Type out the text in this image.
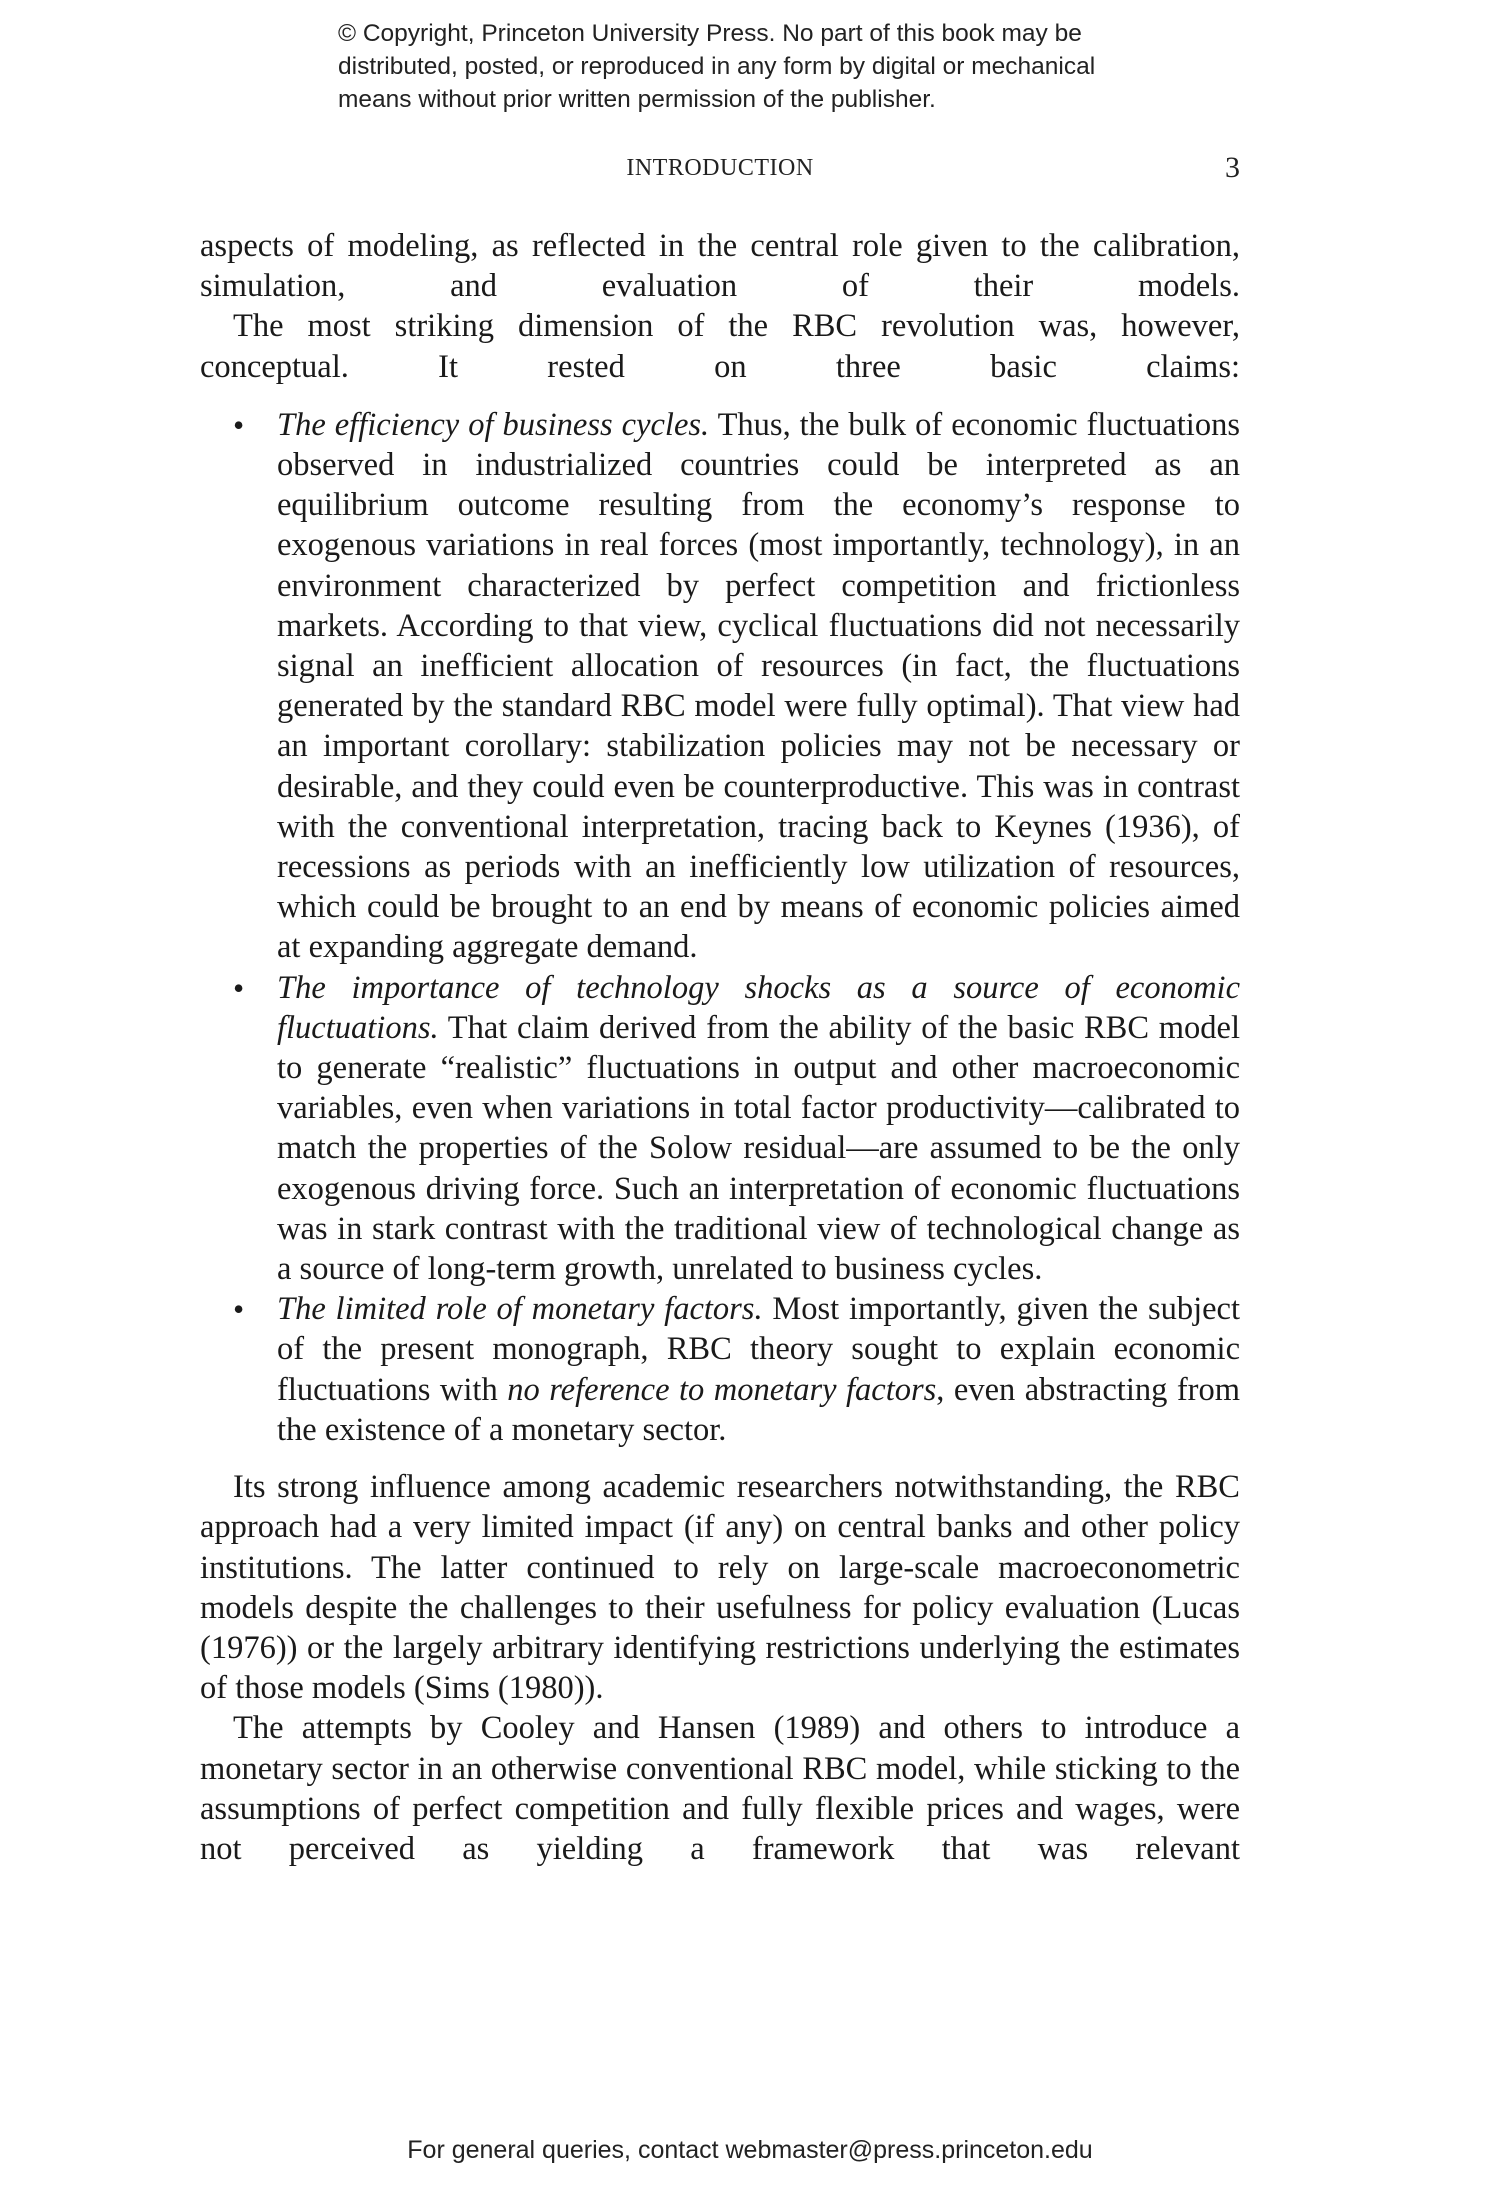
© Copyright, Princeton University Press. No part of this book may be
distributed, posted, or reproduced in any form by digital or mechanical
means without prior written permission of the publisher.
INTRODUCTION	3

aspects of modeling, as reflected in the central role given to the calibration, simulation, and evaluation of their models.

The most striking dimension of the RBC revolution was, however, conceptual. It rested on three basic claims:

• The efficiency of business cycles. Thus, the bulk of economic fluctuations observed in industrialized countries could be interpreted as an equilibrium outcome resulting from the economy’s response to exogenous variations in real forces (most importantly, technology), in an environment characterized by perfect competition and frictionless markets. According to that view, cyclical fluctuations did not necessarily signal an inefficient allocation of resources (in fact, the fluctuations generated by the standard RBC model were fully optimal). That view had an important corollary: stabilization policies may not be necessary or desirable, and they could even be counterproductive. This was in contrast with the conventional interpretation, tracing back to Keynes (1936), of recessions as periods with an inefficiently low utilization of resources, which could be brought to an end by means of economic policies aimed at expanding aggregate demand.
• The importance of technology shocks as a source of economic fluctuations. That claim derived from the ability of the basic RBC model to generate “realistic” fluctuations in output and other macroeconomic variables, even when variations in total factor productivity—calibrated to match the properties of the Solow residual—are assumed to be the only exogenous driving force. Such an interpretation of economic fluctuations was in stark contrast with the traditional view of technological change as a source of long-term growth, unrelated to business cycles.
• The limited role of monetary factors. Most importantly, given the subject of the present monograph, RBC theory sought to explain economic fluctuations with no reference to monetary factors, even abstracting from the existence of a monetary sector.

Its strong influence among academic researchers notwithstanding, the RBC approach had a very limited impact (if any) on central banks and other policy institutions. The latter continued to rely on large-scale macroeconometric models despite the challenges to their usefulness for policy evaluation (Lucas (1976)) or the largely arbitrary identifying restrictions underlying the estimates of those models (Sims (1980)).

The attempts by Cooley and Hansen (1989) and others to introduce a monetary sector in an otherwise conventional RBC model, while sticking to the assumptions of perfect competition and fully flexible prices and wages, were not perceived as yielding a framework that was relevant

For general queries, contact webmaster@press.princeton.edu
